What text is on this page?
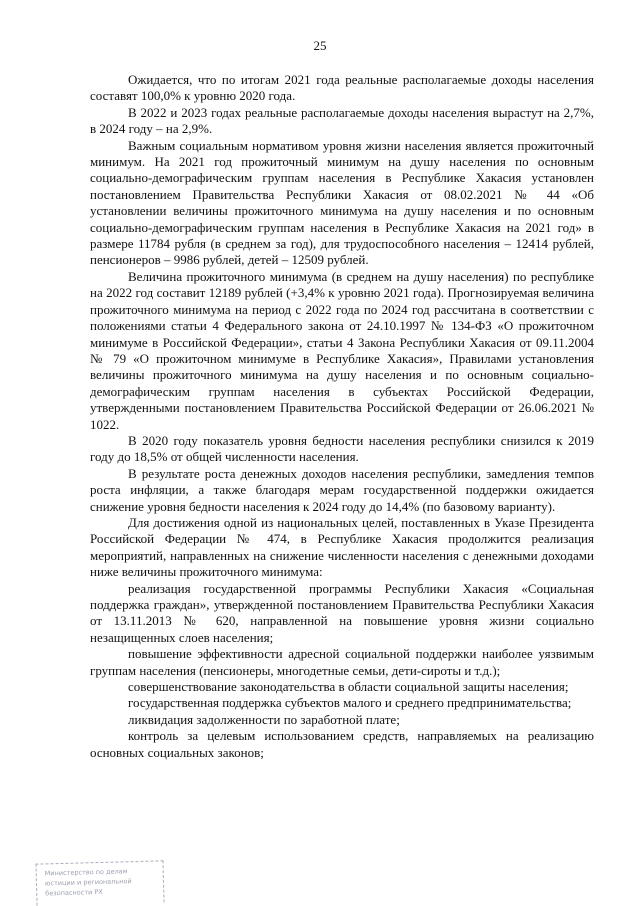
25

Ожидается, что по итогам 2021 года реальные располагаемые доходы населения составят 100,0% к уровню 2020 года.

В 2022 и 2023 годах реальные располагаемые доходы населения вырастут на 2,7%, в 2024 году – на 2,9%.

Важным социальным нормативом уровня жизни населения является прожиточный минимум. На 2021 год прожиточный минимум на душу населения по основным социально-демографическим группам населения в Республике Хакасия установлен постановлением Правительства Республики Хакасия от 08.02.2021 № 44 «Об установлении величины прожиточного минимума на душу населения и по основным социально-демографическим группам населения в Республике Хакасия на 2021 год» в размере 11784 рубля (в среднем за год), для трудоспособного населения – 12414 рублей, пенсионеров – 9986 рублей, детей – 12509 рублей.

Величина прожиточного минимума (в среднем на душу населения) по республике на 2022 год составит 12189 рублей (+3,4% к уровню 2021 года). Прогнозируемая величина прожиточного минимума на период с 2022 года по 2024 год рассчитана в соответствии с положениями статьи 4 Федерального закона от 24.10.1997 № 134-ФЗ «О прожиточном минимуме в Российской Федерации», статьи 4 Закона Республики Хакасия от 09.11.2004 № 79 «О прожиточном минимуме в Республике Хакасия», Правилами установления величины прожиточного минимума на душу населения и по основным социально-демографическим группам населения в субъектах Российской Федерации, утвержденными постановлением Правительства Российской Федерации от 26.06.2021 № 1022.

В 2020 году показатель уровня бедности населения республики снизился к 2019 году до 18,5% от общей численности населения.

В результате роста денежных доходов населения республики, замедления темпов роста инфляции, а также благодаря мерам государственной поддержки ожидается снижение уровня бедности населения к 2024 году до 14,4% (по базовому варианту).

Для достижения одной из национальных целей, поставленных в Указе Президента Российской Федерации № 474, в Республике Хакасия продолжится реализация мероприятий, направленных на снижение численности населения с денежными доходами ниже величины прожиточного минимума:

реализация государственной программы Республики Хакасия «Социальная поддержка граждан», утвержденной постановлением Правительства Республики Хакасия от 13.11.2013 № 620, направленной на повышение уровня жизни социально незащищенных слоев населения;

повышение эффективности адресной социальной поддержки наиболее уязвимым группам населения (пенсионеры, многодетные семьи, дети-сироты и т.д.);

совершенствование законодательства в области социальной защиты населения;

государственная поддержка субъектов малого и среднего предпринимательства;

ликвидация задолженности по заработной плате;

контроль за целевым использованием средств, направляемых на реализацию основных социальных законов;

Министерство по делам
юстиции и региональной
безопасности РХ
